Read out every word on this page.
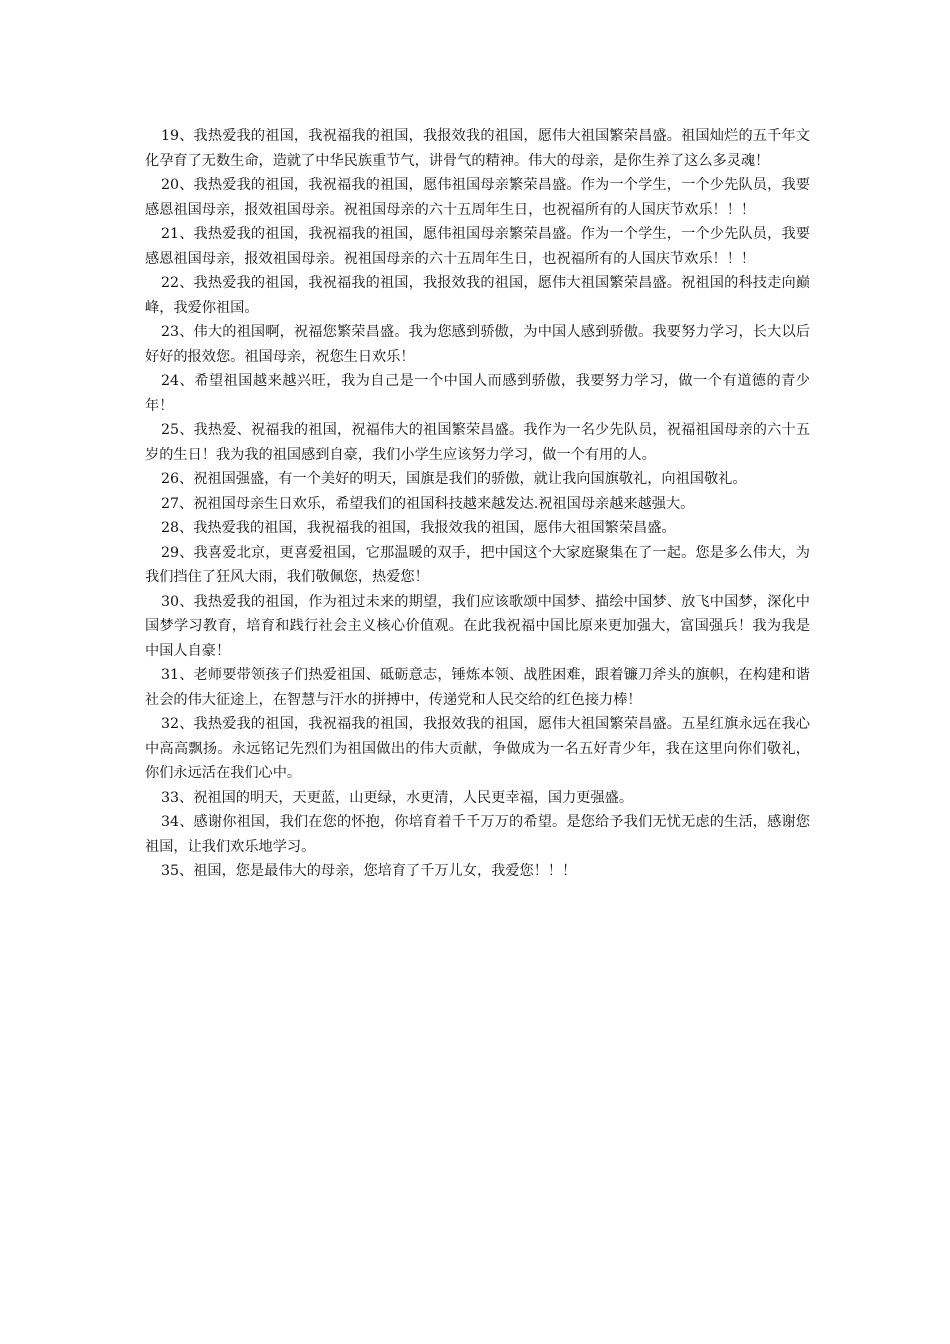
19、我热爱我的祖国，我祝福我的祖国，我报效我的祖国，愿伟大祖国繁荣昌盛。祖国灿烂的五千年文化孕育了无数生命，造就了中华民族重节气，讲骨气的精神。伟大的母亲，是你生养了这么多灵魂！

20、我热爱我的祖国，我祝福我的祖国，愿伟祖国母亲繁荣昌盛。作为一个学生，一个少先队员，我要感恩祖国母亲，报效祖国母亲。祝祖国母亲的六十五周年生日，也祝福所有的人国庆节欢乐！！！

21、我热爱我的祖国，我祝福我的祖国，愿伟祖国母亲繁荣昌盛。作为一个学生，一个少先队员，我要感恩祖国母亲，报效祖国母亲。祝祖国母亲的六十五周年生日，也祝福所有的人国庆节欢乐！！！

22、我热爱我的祖国，我祝福我的祖国，我报效我的祖国，愿伟大祖国繁荣昌盛。祝祖国的科技走向巅峰，我爱你祖国。

23、伟大的祖国啊，祝福您繁荣昌盛。我为您感到骄傲，为中国人感到骄傲。我要努力学习，长大以后好好的报效您。祖国母亲，祝您生日欢乐！

24、希望祖国越来越兴旺，我为自己是一个中国人而感到骄傲，我要努力学习，做一个有道德的青少年！

25、我热爱、祝福我的祖国，祝福伟大的祖国繁荣昌盛。我作为一名少先队员，祝福祖国母亲的六十五岁的生日！我为我的祖国感到自豪，我们小学生应该努力学习，做一个有用的人。

26、祝祖国强盛，有一个美好的明天，国旗是我们的骄傲，就让我向国旗敬礼，向祖国敬礼。

27、祝祖国母亲生日欢乐，希望我们的祖国科技越来越发达.祝祖国母亲越来越强大。

28、我热爱我的祖国，我祝福我的祖国，我报效我的祖国，愿伟大祖国繁荣昌盛。

29、我喜爱北京，更喜爱祖国，它那温暖的双手，把中国这个大家庭聚集在了一起。您是多么伟大，为我们挡住了狂风大雨，我们敬佩您，热爱您！

30、我热爱我的祖国，作为祖过未来的期望，我们应该歌颂中国梦、描绘中国梦、放飞中国梦，深化中国梦学习教育，培育和践行社会主义核心价值观。在此我祝福中国比原来更加强大，富国强兵！我为我是中国人自豪！

31、老师要带领孩子们热爱祖国、砥砺意志，锤炼本领、战胜困难，跟着镰刀斧头的旗帜，在构建和谐社会的伟大征途上，在智慧与汗水的拼搏中，传递党和人民交给的红色接力棒！

32、我热爱我的祖国，我祝福我的祖国，我报效我的祖国，愿伟大祖国繁荣昌盛。五星红旗永远在我心中高高飘扬。永远铭记先烈们为祖国做出的伟大贡献，争做成为一名五好青少年，我在这里向你们敬礼，你们永远活在我们心中。

33、祝祖国的明天，天更蓝，山更绿，水更清，人民更幸福，国力更强盛。

34、感谢你祖国，我们在您的怀抱，你培育着千千万万的希望。是您给予我们无忧无虑的生活，感谢您祖国，让我们欢乐地学习。

35、祖国，您是最伟大的母亲，您培育了千万儿女，我爱您！！！
